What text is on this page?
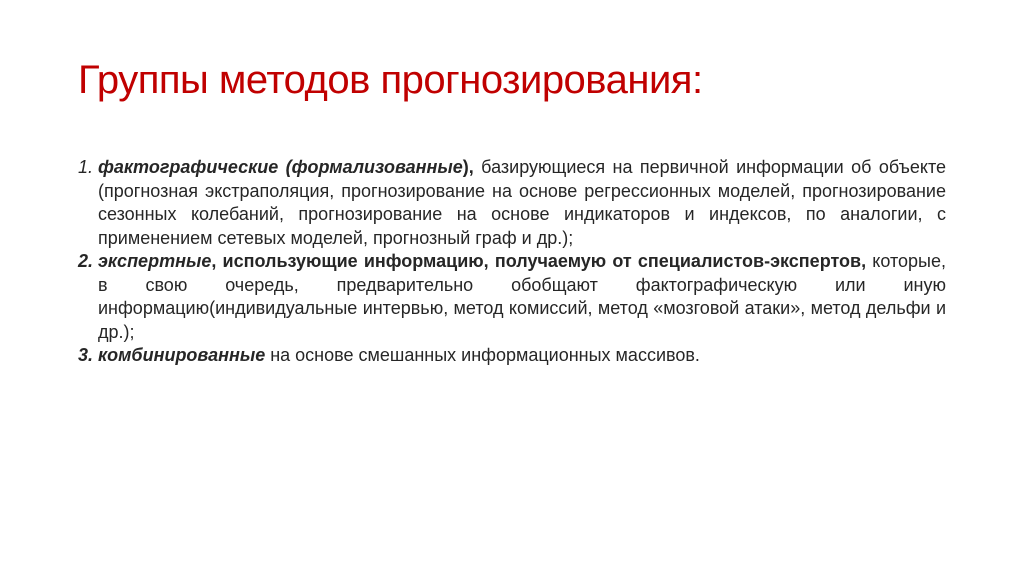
Группы методов прогнозирования:
1. фактографические (формализованные), базирующиеся на первичной информации об объекте (прогнозная экстраполяция, прогнозирование на основе регрессионных моделей, прогнозирование сезонных колебаний, прогнозирование на основе индикаторов и индексов, по аналогии, с применением сетевых моделей, прогнозный граф и др.);
2. экспертные, использующие информацию, получаемую от специалистов-экспертов, которые, в свою очередь, предварительно обобщают фактографическую или иную информацию(индивидуальные интервью, метод комиссий, метод «мозговой атаки», метод дельфи и др.);
3. комбинированные на основе смешанных информационных массивов.
